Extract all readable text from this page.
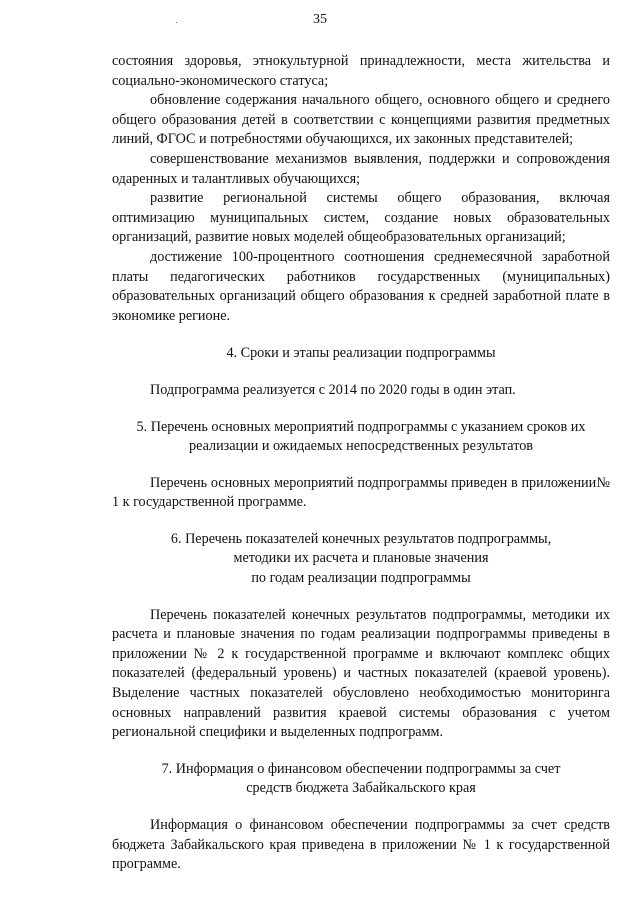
35

состояния здоровья, этнокультурной принадлежности, места жительства и социально-экономического статуса;

обновление содержания начального общего, основного общего и среднего общего образования детей в соответствии с концепциями развития предметных линий, ФГОС и потребностями обучающихся, их законных представителей;

совершенствование механизмов выявления, поддержки и сопровождения одаренных и талантливых обучающихся;

развитие региональной системы общего образования, включая оптимизацию муниципальных систем, создание новых образовательных организаций, развитие новых моделей общеобразовательных организаций;

достижение 100-процентного соотношения среднемесячной заработной платы педагогических работников государственных (муниципальных) образовательных организаций общего образования к средней заработной плате в экономике регионе.

4. Сроки и этапы реализации подпрограммы

Подпрограмма реализуется с 2014 по 2020 годы в один этап.

5. Перечень основных мероприятий подпрограммы с указанием сроков их
реализации и ожидаемых непосредственных результатов

Перечень основных мероприятий подпрограммы приведен в приложении№ 1 к государственной программе.

6. Перечень показателей конечных результатов подпрограммы,
методики их расчета и плановые значения
по годам реализации подпрограммы

Перечень показателей конечных результатов подпрограммы, методики их расчета и плановые значения по годам реализации подпрограммы приведены в приложении № 2 к государственной программе и включают комплекс общих показателей (федеральный уровень) и частных показателей (краевой уровень). Выделение частных показателей обусловлено необходимостью мониторинга основных направлений развития краевой системы образования с учетом региональной специфики и выделенных подпрограмм.

7. Информация о финансовом обеспечении подпрограммы за счет
средств бюджета Забайкальского края

Информация о финансовом обеспечении подпрограммы за счет средств бюджета Забайкальского края приведена в приложении № 1 к государственной программе.
